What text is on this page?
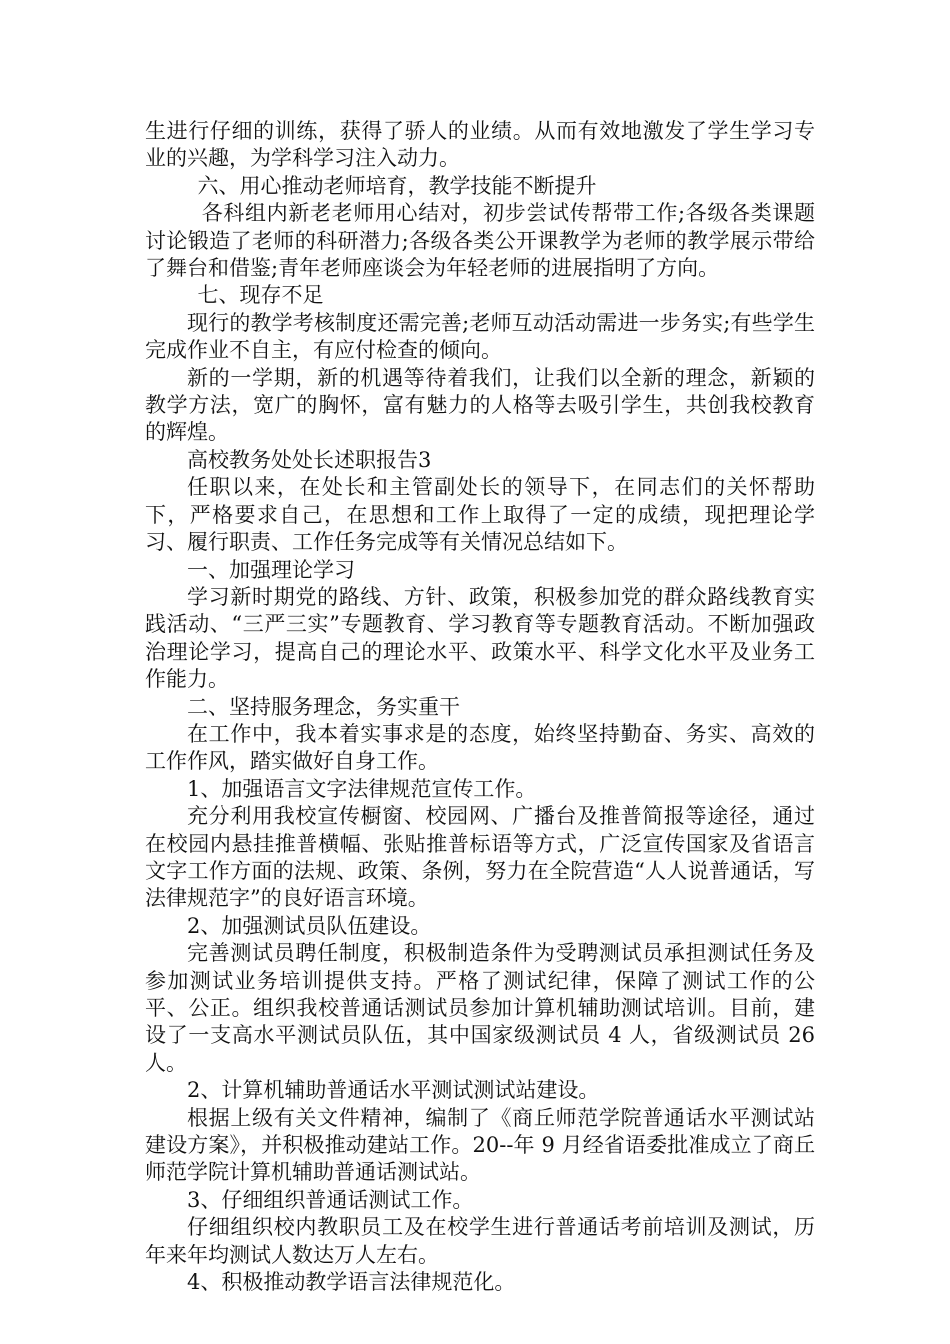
生进行仔细的训练，获得了骄人的业绩。从而有效地激发了学生学习专业的兴趣，为学科学习注入动力。

六、用心推动老师培育，教学技能不断提升

各科组内新老老师用心结对，初步尝试传帮带工作;各级各类课题讨论锻造了老师的科研潜力;各级各类公开课教学为老师的教学展示带给了舞台和借鉴;青年老师座谈会为年轻老师的进展指明了方向。

七、现存不足

现行的教学考核制度还需完善;老师互动活动需进一步务实;有些学生完成作业不自主，有应付检查的倾向。

新的一学期，新的机遇等待着我们，让我们以全新的理念，新颖的教学方法，宽广的胸怀，富有魅力的人格等去吸引学生，共创我校教育的辉煌。

高校教务处处长述职报告3

任职以来，在处长和主管副处长的领导下，在同志们的关怀帮助下，严格要求自己，在思想和工作上取得了一定的成绩，现把理论学习、履行职责、工作任务完成等有关情况总结如下。

一、加强理论学习

学习新时期党的路线、方针、政策，积极参加党的群众路线教育实践活动、“三严三实”专题教育、学习教育等专题教育活动。不断加强政治理论学习，提高自己的理论水平、政策水平、科学文化水平及业务工作能力。

二、坚持服务理念，务实重干

在工作中，我本着实事求是的态度，始终坚持勤奋、务实、高效的工作作风，踏实做好自身工作。

1、加强语言文字法律规范宣传工作。

充分利用我校宣传橱窗、校园网、广播台及推普简报等途径，通过在校园内悬挂推普横幅、张贴推普标语等方式，广泛宣传国家及省语言文字工作方面的法规、政策、条例，努力在全院营造“人人说普通话，写法律规范字”的良好语言环境。

2、加强测试员队伍建设。

完善测试员聘任制度，积极制造条件为受聘测试员承担测试任务及参加测试业务培训提供支持。严格了测试纪律，保障了测试工作的公平、公正。组织我校普通话测试员参加计算机辅助测试培训。目前，建设了一支高水平测试员队伍，其中国家级测试员 4 人，省级测试员 26 人。

2、计算机辅助普通话水平测试测试站建设。

根据上级有关文件精神，编制了《商丘师范学院普通话水平测试站建设方案》，并积极推动建站工作。20--年 9 月经省语委批准成立了商丘师范学院计算机辅助普通话测试站。

3、仔细组织普通话测试工作。

仔细组织校内教职员工及在校学生进行普通话考前培训及测试，历年来年均测试人数达万人左右。

4、积极推动教学语言法律规范化。
